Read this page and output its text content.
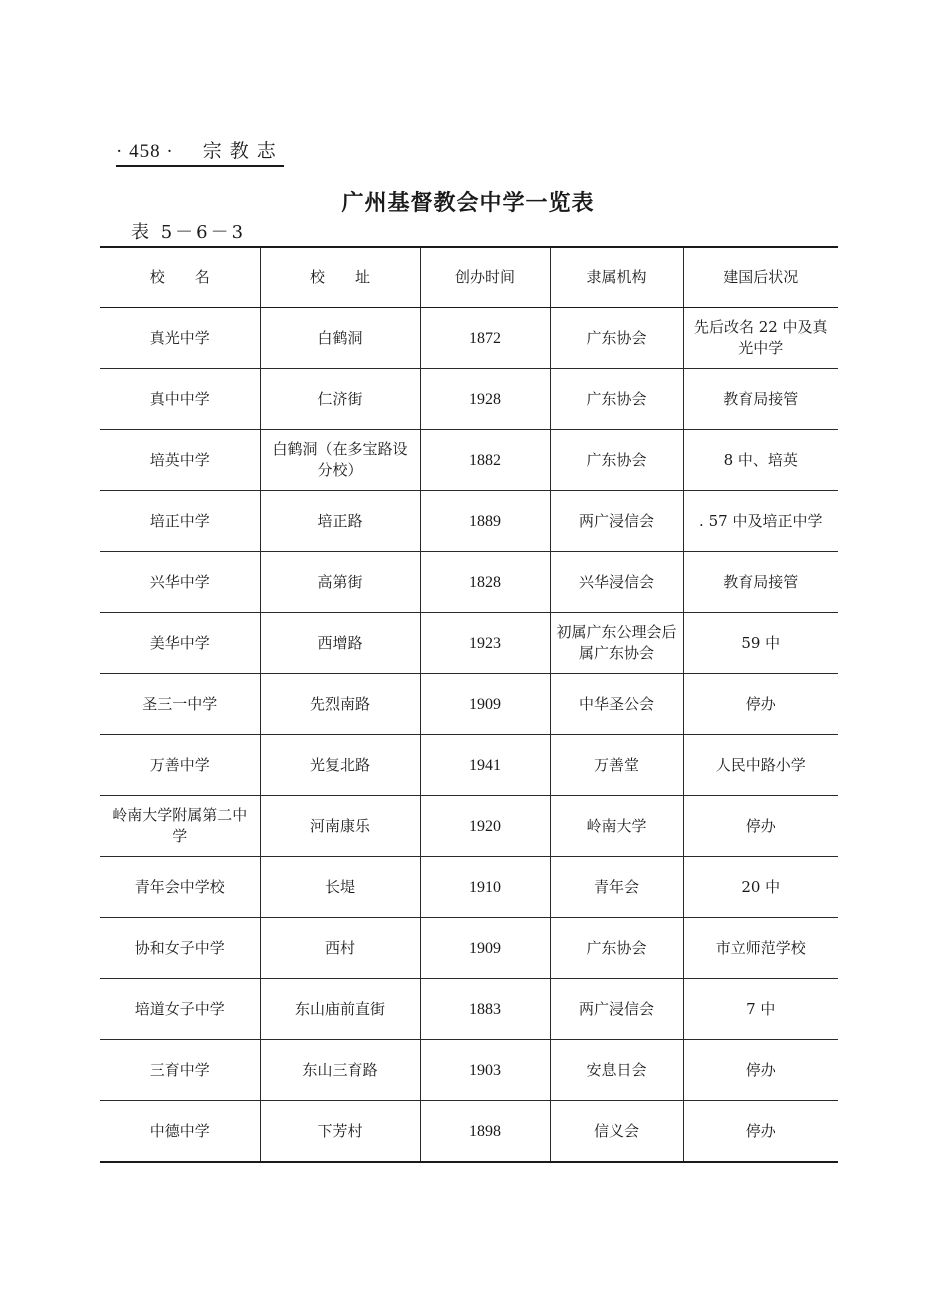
· 458 · 宗教志
广州基督教会中学一览表
表 5－6－3
校名	校址	创办时间	隶属机构	建国后状况
真光中学	白鹤洞	1872	广东协会	先后改名 22 中及真光中学
真中中学	仁济街	1928	广东协会	教育局接管
培英中学	白鹤洞（在多宝路设分校）	1882	广东协会	8 中、培英
培正中学	培正路	1889	两广浸信会	. 57 中及培正中学
兴华中学	高第街	1828	兴华浸信会	教育局接管
美华中学	西增路	1923	初属广东公理会后属广东协会	59 中
圣三一中学	先烈南路	1909	中华圣公会	停办
万善中学	光复北路	1941	万善堂	人民中路小学
岭南大学附属第二中学	河南康乐	1920	岭南大学	停办
青年会中学校	长堤	1910	青年会	20 中
协和女子中学	西村	1909	广东协会	市立师范学校
培道女子中学	东山庙前直街	1883	两广浸信会	7 中
三育中学	东山三育路	1903	安息日会	停办
中德中学	下芳村	1898	信义会	停办
